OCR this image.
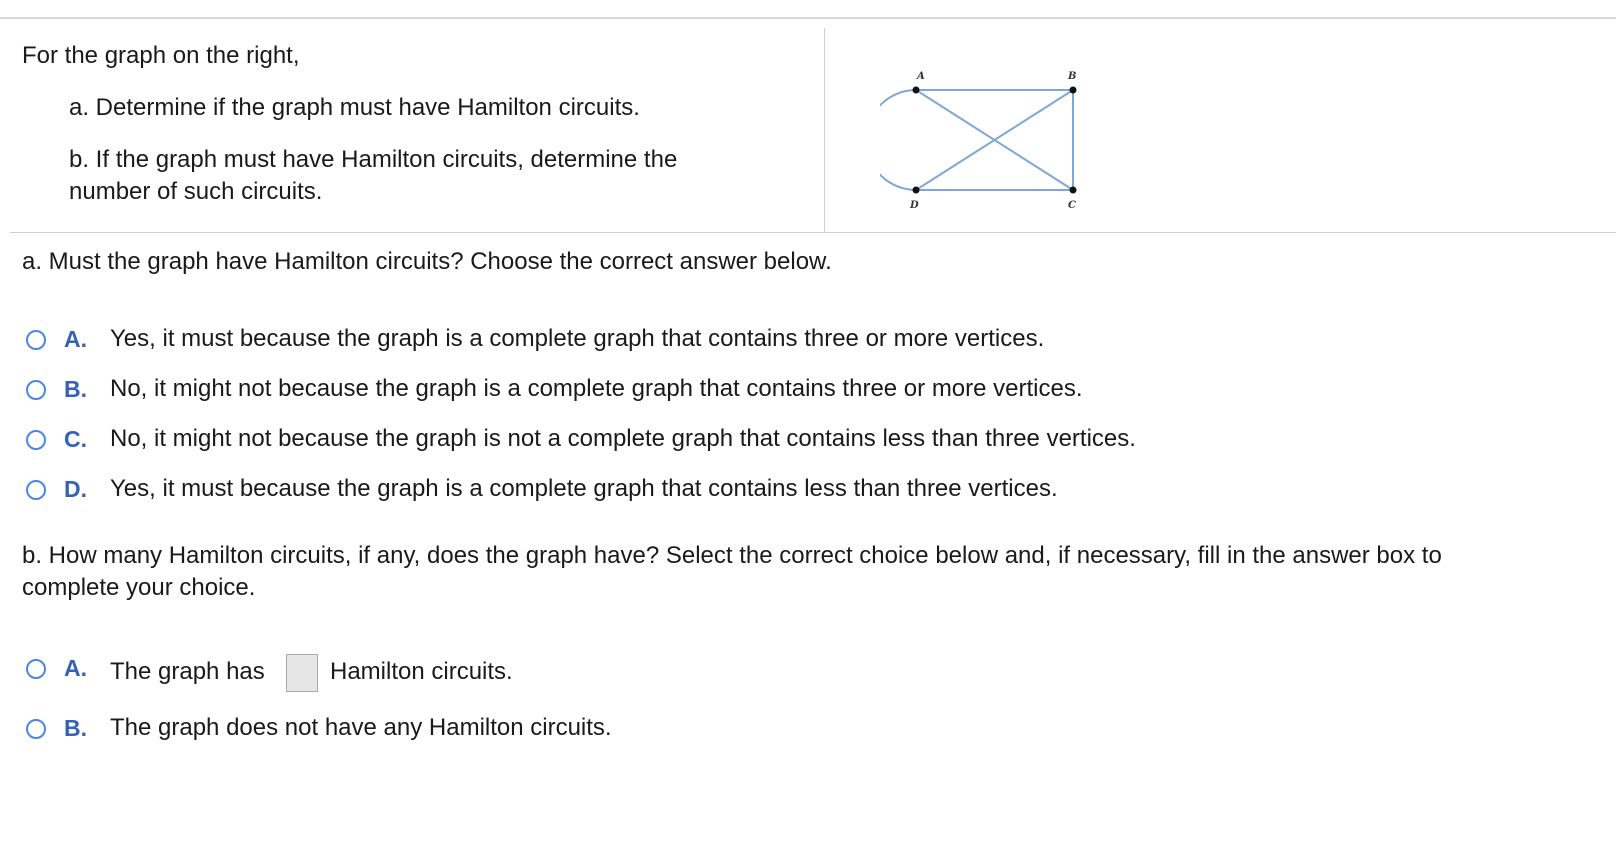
For the graph on the right,
a. Determine if the graph must have Hamilton circuits.
b. If the graph must have Hamilton circuits, determine the
number of such circuits.
A	B
C
D
a. Must the graph have Hamilton circuits? Choose the correct answer below.
A. Yes, it must because the graph is a complete graph that contains three or more vertices.
B. No, it might not because the graph is a complete graph that contains three or more vertices.
C. No, it might not because the graph is not a complete graph that contains less than three vertices.
D. Yes, it must because the graph is a complete graph that contains less than three vertices.
b. How many Hamilton circuits, if any, does the graph have? Select the correct choice below and, if necessary, fill in the answer box to
complete your choice.
A. The graph has	Hamilton circuits.
B. The graph does not have any Hamilton circuits.
